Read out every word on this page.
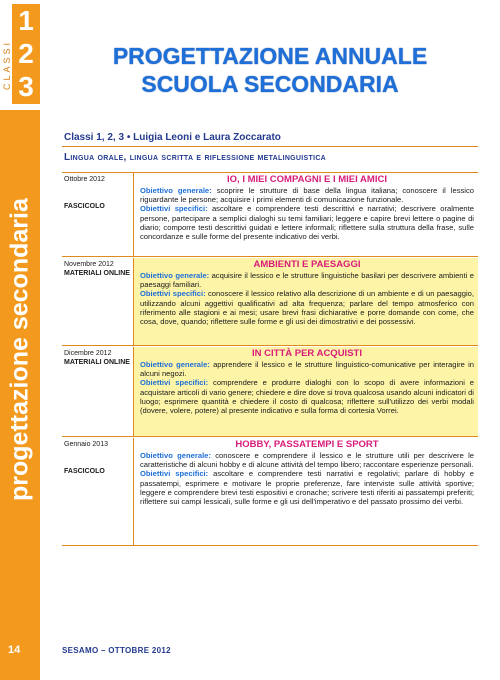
CLASSI
1
2
3
progettazione secondaria
14
PROGETTAZIONE ANNUALE
SCUOLA SECONDARIA
Classi 1, 2, 3 • Luigia Leoni e Laura Zoccarato
Lingua orale, lingua scritta e riflessione metalinguistica
Ottobre 2012
FASCICOLO
IO, I MIEI COMPAGNI E I MIEI AMICI
Obiettivo generale: scoprire le strutture di base della lingua italiana; conoscere il lessico riguardante le persone; acquisire i primi elementi di comunicazione funzionale.
Obiettivi specifici: ascoltare e comprendere testi descrittivi e narrativi; descrivere oralmente persone, partecipare a semplici dialoghi su temi familiari; leggere e capire brevi lettere o pagine di diario; comporre testi descrittivi guidati e lettere informali; riflettere sulla struttura della frase, sulle concordanze e sulle forme del presente indicativo dei verbi.
Novembre 2012
MATERIALI ONLINE
AMBIENTI E PAESAGGI
Obiettivo generale: acquisire il lessico e le strutture linguistiche basilari per descrivere ambienti e paesaggi familiari.
Obiettivi specifici: conoscere il lessico relativo alla descrizione di un ambiente e di un paesaggio, utilizzando alcuni aggettivi qualificativi ad alta frequenza; parlare del tempo atmosferico con riferimento alle stagioni e ai mesi; usare brevi frasi dichiarative e porre domande con come, che cosa, dove, quando; riflettere sulle forme e gli usi dei dimostrativi e dei possessivi.
Dicembre 2012
MATERIALI ONLINE
IN CITTÀ PER ACQUISTI
Obiettivo generale: apprendere il lessico e le strutture linguistico-comunicative per interagire in alcuni negozi.
Obiettivi specifici: comprendere e produrre dialoghi con lo scopo di avere informazioni e acquistare articoli di vario genere; chiedere e dire dove si trova qualcosa usando alcuni indicatori di luogo; esprimere quantità e chiedere il costo di qualcosa; riflettere sull'utilizzo dei verbi modali (dovere, volere, potere) al presente indicativo e sulla forma di cortesia Vorrei.
Gennaio 2013
FASCICOLO
HOBBY, PASSATEMPI E SPORT
Obiettivo generale: conoscere e comprendere il lessico e le strutture utili per descrivere le caratteristiche di alcuni hobby e di alcune attività del tempo libero; raccontare esperienze personali.
Obiettivi specifici: ascoltare e comprendere testi narrativi e regolativi; parlare di hobby e passatempi, esprimere e motivare le proprie preferenze, fare interviste sulle attività sportive; leggere e comprendere brevi testi espositivi e cronache; scrivere testi riferiti ai passatempi preferiti; riflettere sui campi lessicali, sulle forme e gli usi dell'imperativo e del passato prossimo dei verbi.
SESAMO – OTTOBRE 2012
